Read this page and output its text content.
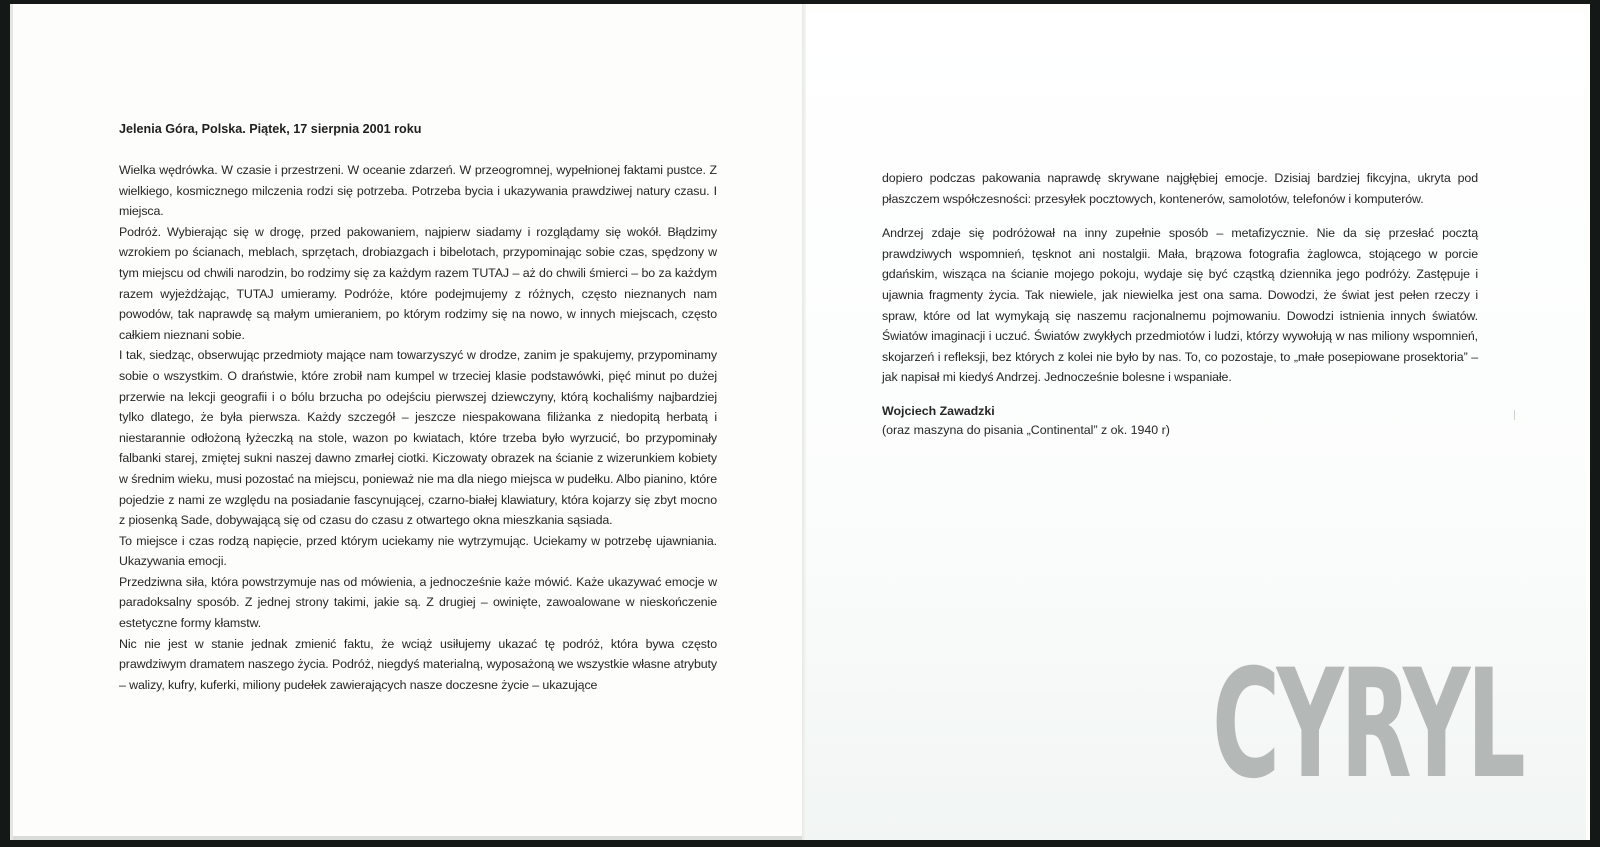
Jelenia Góra, Polska. Piątek, 17 sierpnia 2001 roku

Wielka wędrówka. W czasie i przestrzeni. W oceanie zdarzeń. W przeogromnej, wypełnionej faktami pustce. Z wielkiego, kosmicznego milczenia rodzi się potrzeba. Potrzeba bycia i ukazywania prawdziwej natury czasu. I miejsca.

Podróż. Wybierając się w drogę, przed pakowaniem, najpierw siadamy i rozglądamy się wokół. Błądzimy wzrokiem po ścianach, meblach, sprzętach, drobiazgach i bibelotach, przypominając sobie czas, spędzony w tym miejscu od chwili narodzin, bo rodzimy się za każdym razem TUTAJ – aż do chwili śmierci – bo za każdym razem wyjeżdżając, TUTAJ umieramy. Podróże, które podejmujemy z różnych, często nieznanych nam powodów, tak naprawdę są małym umieraniem, po którym rodzimy się na nowo, w innych miejscach, często całkiem nieznani sobie.

I tak, siedząc, obserwując przedmioty mające nam towarzyszyć w drodze, zanim je spakujemy, przypominamy sobie o wszystkim. O draństwie, które zrobił nam kumpel w trzeciej klasie podstawówki, pięć minut po dużej przerwie na lekcji geografii i o bólu brzucha po odejściu pierwszej dziewczyny, którą kochaliśmy najbardziej tylko dlatego, że była pierwsza. Każdy szczegół – jeszcze niespakowana filiżanka z niedopitą herbatą i niestarannie odłożoną łyżeczką na stole, wazon po kwiatach, które trzeba było wyrzucić, bo przypominały falbanki starej, zmiętej sukni naszej dawno zmarłej ciotki. Kiczowaty obrazek na ścianie z wizerunkiem kobiety w średnim wieku, musi pozostać na miejscu, ponieważ nie ma dla niego miejsca w pudełku. Albo pianino, które pojedzie z nami ze względu na posiadanie fascynującej, czarno-białej klawiatury, która kojarzy się zbyt mocno z piosenką Sade, dobywającą się od czasu do czasu z otwartego okna mieszkania sąsiada.

To miejsce i czas rodzą napięcie, przed którym uciekamy nie wytrzymując. Uciekamy w potrzebę ujawniania. Ukazywania emocji.

Przedziwna siła, która powstrzymuje nas od mówienia, a jednocześnie każe mówić. Każe ukazywać emocje w paradoksalny sposób. Z jednej strony takimi, jakie są. Z drugiej – owinięte, zawoalowane w nieskończenie estetyczne formy kłamstw.

Nic nie jest w stanie jednak zmienić faktu, że wciąż usiłujemy ukazać tę podróż, która bywa często prawdziwym dramatem naszego życia. Podróż, niegdyś materialną, wyposażoną we wszystkie własne atrybuty – walizy, kufry, kuferki, miliony pudełek zawierających nasze doczesne życie – ukazujące

dopiero podczas pakowania naprawdę skrywane najgłębiej emocje. Dzisiaj bardziej fikcyjna, ukryta pod płaszczem współczesności: przesyłek pocztowych, kontenerów, samolotów, telefonów i komputerów.

Andrzej zdaje się podróżował na inny zupełnie sposób – metafizycznie. Nie da się przesłać pocztą prawdziwych wspomnień, tęsknot ani nostalgii. Mała, brązowa fotografia żaglowca, stojącego w porcie gdańskim, wisząca na ścianie mojego pokoju, wydaje się być cząstką dziennika jego podróży. Zastępuje i ujawnia fragmenty życia. Tak niewiele, jak niewielka jest ona sama. Dowodzi, że świat jest pełen rzeczy i spraw, które od lat wymykają się naszemu racjonalnemu pojmowaniu. Dowodzi istnienia innych światów. Światów imaginacji i uczuć. Światów zwykłych przedmiotów i ludzi, którzy wywołują w nas miliony wspomnień, skojarzeń i refleksji, bez których z kolei nie było by nas. To, co pozostaje, to „małe posepiowane prosektoria” – jak napisał mi kiedyś Andrzej. Jednocześnie bolesne i wspaniałe.

Wojciech Zawadzki
(oraz maszyna do pisania „Continental” z ok. 1940 r)
CYRYL
